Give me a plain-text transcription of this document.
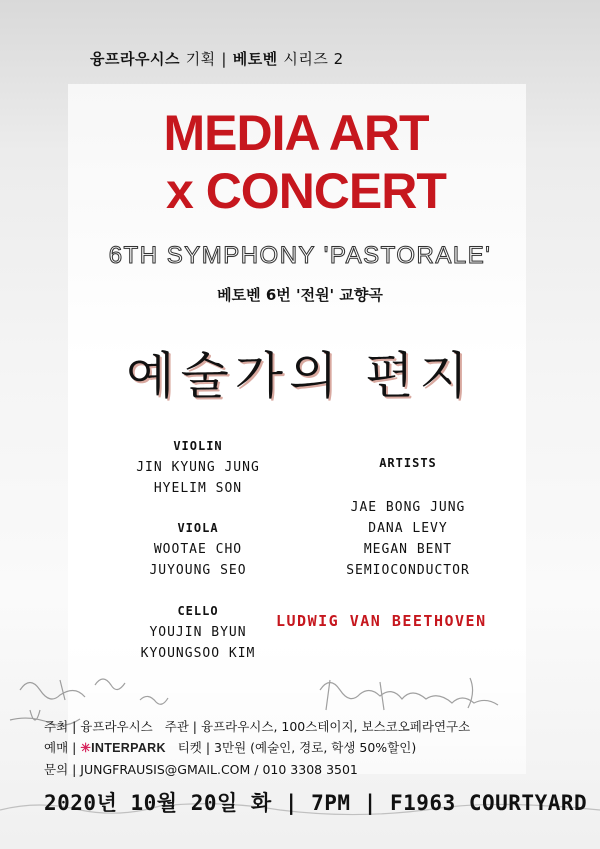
융프라우시스 기획 | 베토벤 시리즈 2
MEDIA ART
x CONCERT
6TH SYMPHONY 'PASTORALE'
베토벤 6번 '전원' 교향곡
예술가의 편지
VIOLIN
JIN KYUNG JUNG
HYELIM SON
VIOLA
WOOTAE CHO
JUYOUNG SEO
CELLO
YOUJIN BYUN
KYOUNGSOO KIM
ARTISTS
JAE BONG JUNG
DANA LEVY
MEGAN BENT
SEMIOCONDUCTOR
LUDWIG VAN BEETHOVEN
주최 | 융프라우시스 주관 | 융프라우시스, 100스테이지, 보스코오페라연구소
예매 | ✳INTERPARK 티켓 | 3만원 (예술인, 경로, 학생 50%할인)
문의 | JUNGFRAUSIS@GMAIL.COM / 010 3308 3501
2020년 10월 20일 화 | 7PM | F1963 COURTYARD
